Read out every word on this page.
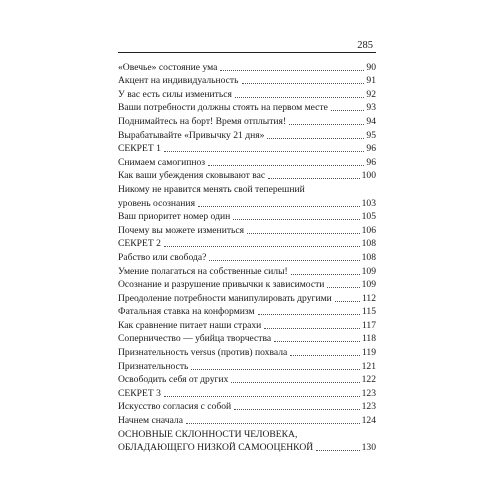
285
«Овечье» состояние ума	90
Акцент на индивидуальность	91
У вас есть силы измениться	92
Ваши потребности должны стоять на первом месте	93
Поднимайтесь на борт! Время отплытия!	94
Вырабатывайте «Привычку 21 дня»	95
СЕКРЕТ 1	96
Снимаем самогипноз	96
Как ваши убеждения сковывают вас	100
Никому не нравится менять свой теперешний
уровень осознания	103
Ваш приоритет номер один	105
Почему вы можете измениться	106
СЕКРЕТ 2	108
Рабство или свобода?	108
Умение полагаться на собственные силы!	109
Осознание и разрушение привычки к зависимости	109
Преодоление потребности манипулировать другими	112
Фатальная ставка на конформизм	115
Как сравнение питает наши страхи	117
Соперничество — убийца творчества	118
Признательность versus (против) похвала	119
Признательность	121
Освободить себя от других	122
СЕКРЕТ 3	123
Искусство согласия с собой	123
Начнем сначала	124
ОСНОВНЫЕ СКЛОННОСТИ ЧЕЛОВЕКА,
ОБЛАДАЮЩЕГО НИЗКОЙ САМООЦЕНКОЙ	130
